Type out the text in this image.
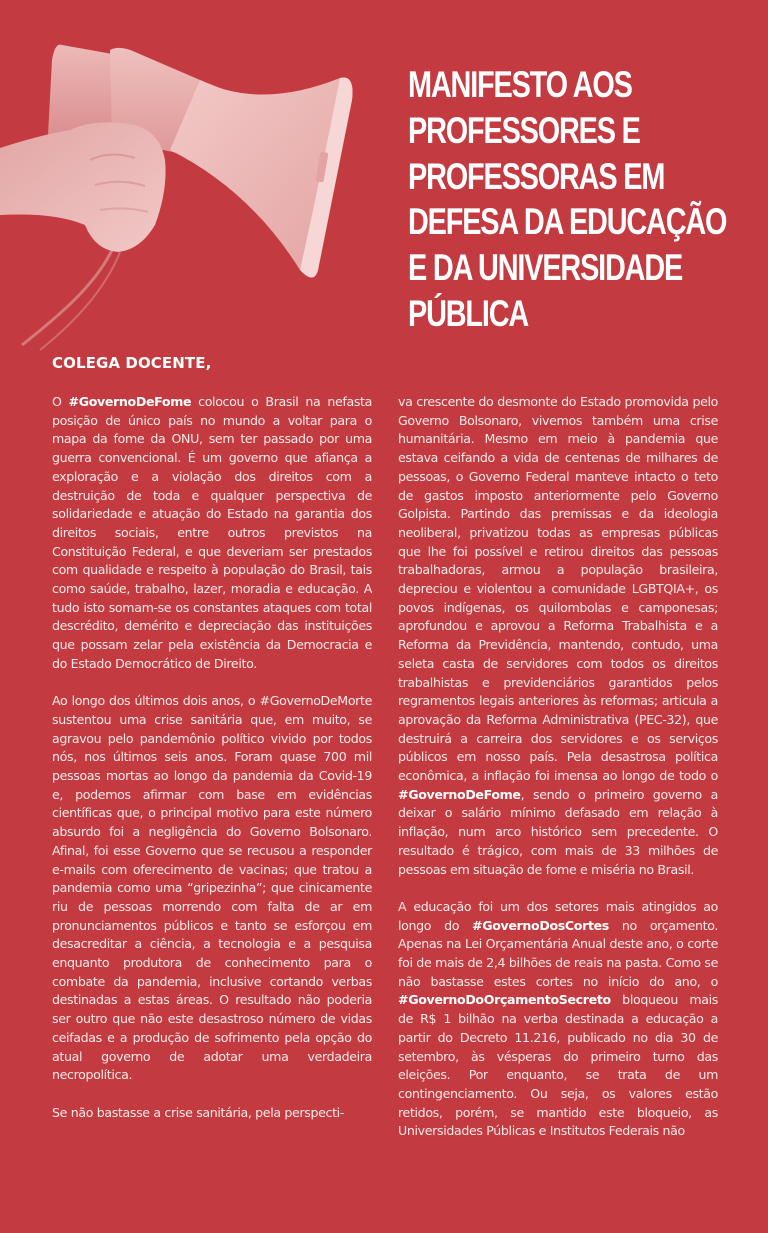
MANIFESTO AOS
PROFESSORES E
PROFESSORAS EM
DEFESA DA EDUCAÇÃO
E DA UNIVERSIDADE
PÚBLICA
COLEGA DOCENTE,

O #GovernoDeFome colocou o Brasil na nefasta posição de único país no mundo a voltar para o mapa da fome da ONU, sem ter passado por uma guerra convencional. É um governo que afiança a exploração e a violação dos direitos com a destruição de toda e qualquer perspectiva de solidariedade e atuação do Estado na garantia dos direitos sociais, entre outros previstos na Constituição Federal, e que deveriam ser prestados com qualidade e respeito à população do Brasil, tais como saúde, trabalho, lazer, moradia e educação. A tudo isto somam-se os constantes ataques com total descrédito, demérito e depreciação das instituições que possam zelar pela existência da Democracia e do Estado Democrático de Direito.

Ao longo dos últimos dois anos, o #GovernoDeMorte sustentou uma crise sanitária que, em muito, se agravou pelo pandemônio político vivido por todos nós, nos últimos seis anos. Foram quase 700 mil pessoas mortas ao longo da pandemia da Covid-19 e, podemos afirmar com base em evidências científicas que, o principal motivo para este número absurdo foi a negligência do Governo Bolsonaro. Afinal, foi esse Governo que se recusou a responder e-mails com oferecimento de vacinas; que tratou a pandemia como uma “gripezinha”; que cinicamente riu de pessoas morrendo com falta de ar em pronunciamentos públicos e tanto se esforçou em desacreditar a ciência, a tecnologia e a pesquisa enquanto produtora de conhecimento para o combate da pandemia, inclusive cortando verbas destinadas a estas áreas. O resultado não poderia ser outro que não este desastroso número de vidas ceifadas e a produção de sofrimento pela opção do atual governo de adotar uma verdadeira necropolítica.

Se não bastasse a crise sanitária, pela perspecti-

va crescente do desmonte do Estado promovida pelo Governo Bolsonaro, vivemos também uma crise humanitária. Mesmo em meio à pandemia que estava ceifando a vida de centenas de milhares de pessoas, o Governo Federal manteve intacto o teto de gastos imposto anteriormente pelo Governo Golpista. Partindo das premissas e da ideologia neoliberal, privatizou todas as empresas públicas que lhe foi possível e retirou direitos das pessoas trabalhadoras, armou a população brasileira, depreciou e violentou a comunidade LGBTQIA+, os povos indígenas, os quilombolas e camponesas; aprofundou e aprovou a Reforma Trabalhista e a Reforma da Previdência, mantendo, contudo, uma seleta casta de servidores com todos os direitos trabalhistas e previdenciários garantidos pelos regramentos legais anteriores às reformas; articula a aprovação da Reforma Administrativa (PEC-32), que destruirá a carreira dos servidores e os serviços públicos em nosso país. Pela desastrosa política econômica, a inflação foi imensa ao longo de todo o #GovernoDeFome, sendo o primeiro governo a deixar o salário mínimo defasado em relação à inflação, num arco histórico sem precedente. O resultado é trágico, com mais de 33 milhões de pessoas em situação de fome e miséria no Brasil.

A educação foi um dos setores mais atingidos ao longo do #GovernoDosCortes no orçamento. Apenas na Lei Orçamentária Anual deste ano, o corte foi de mais de 2,4 bilhões de reais na pasta. Como se não bastasse estes cortes no início do ano, o #GovernoDoOrçamentoSecreto bloqueou mais de R$ 1 bilhão na verba destinada a educação a partir do Decreto 11.216, publicado no dia 30 de setembro, às vésperas do primeiro turno das eleições. Por enquanto, se trata de um contingenciamento. Ou seja, os valores estão retidos, porém, se mantido este bloqueio, as Universidades Públicas e Institutos Federais não
